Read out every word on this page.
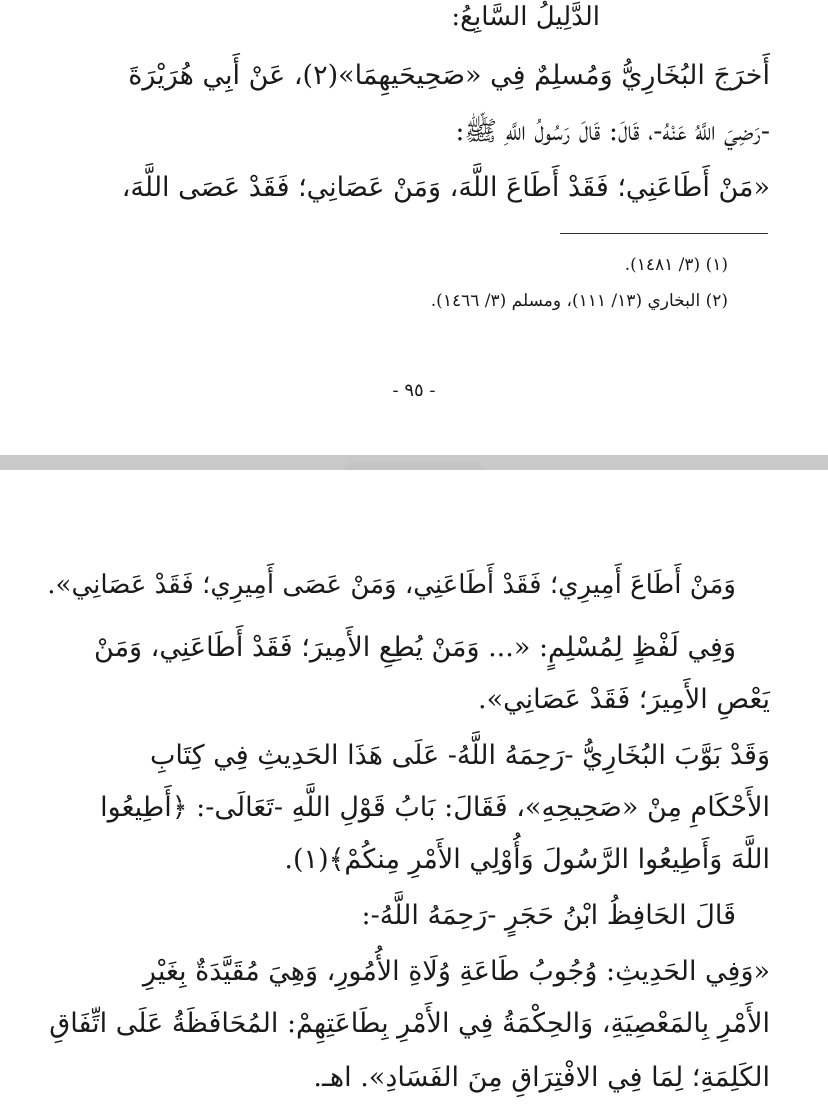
الدَّلِيلُ السَّابِعُ:
أَخرَجَ البُخَارِيُّ وَمُسلِمٌ فِي «صَحِيحَيهِمَا»(٢)، عَنْ أَبِي هُرَيْرَةَ
-رَضِيَ اللَّهُ عَنْهُ-، قَالَ: قَالَ رَسُولُ اللَّهِ ﷺ:
«مَنْ أَطَاعَنِي؛ فَقَدْ أَطَاعَ اللَّهَ، وَمَنْ عَصَانِي؛ فَقَدْ عَصَى اللَّهَ،
(١) (٣/ ١٤٨١).
(٢) البخاري (١٣/ ١١١)، ومسلم (٣/ ١٤٦٦).
- ٩٥ -
وَمَنْ أَطَاعَ أَمِيرِي؛ فَقَدْ أَطَاعَنِي، وَمَنْ عَصَى أَمِيرِي؛ فَقَدْ عَصَانِي».
وَفِي لَفْظٍ لِمُسْلِمٍ: «... وَمَنْ يُطِعِ الأَمِيرَ؛ فَقَدْ أَطَاعَنِي، وَمَنْ
يَعْصِ الأَمِيرَ؛ فَقَدْ عَصَانِي».
وَقَدْ بَوَّبَ البُخَارِيُّ -رَحِمَهُ اللَّهُ- عَلَى هَذَا الحَدِيثِ فِي كِتَابِ
الأَحْكَامِ مِنْ «صَحِيحِهِ»، فَقَالَ: بَابُ قَوْلِ اللَّهِ -تَعَالَى-: ﴿أَطِيعُوا
اللَّهَ وَأَطِيعُوا الرَّسُولَ وَأُوْلِي الأَمْرِ مِنكُمْ﴾(١).
قَالَ الحَافِظُ ابْنُ حَجَرٍ -رَحِمَهُ اللَّهُ-:
«وَفِي الحَدِيثِ: وُجُوبُ طَاعَةِ وُلَاةِ الأُمُورِ، وَهِيَ مُقَيَّدَةٌ بِغَيْرِ
الأَمْرِ بِالمَعْصِيَةِ، وَالحِكْمَةُ فِي الأَمْرِ بِطَاعَتِهِمْ: المُحَافَظَةُ عَلَى اتِّفَاقِ
الكَلِمَةِ؛ لِمَا فِي الافْتِرَاقِ مِنَ الفَسَادِ». اهـ.
